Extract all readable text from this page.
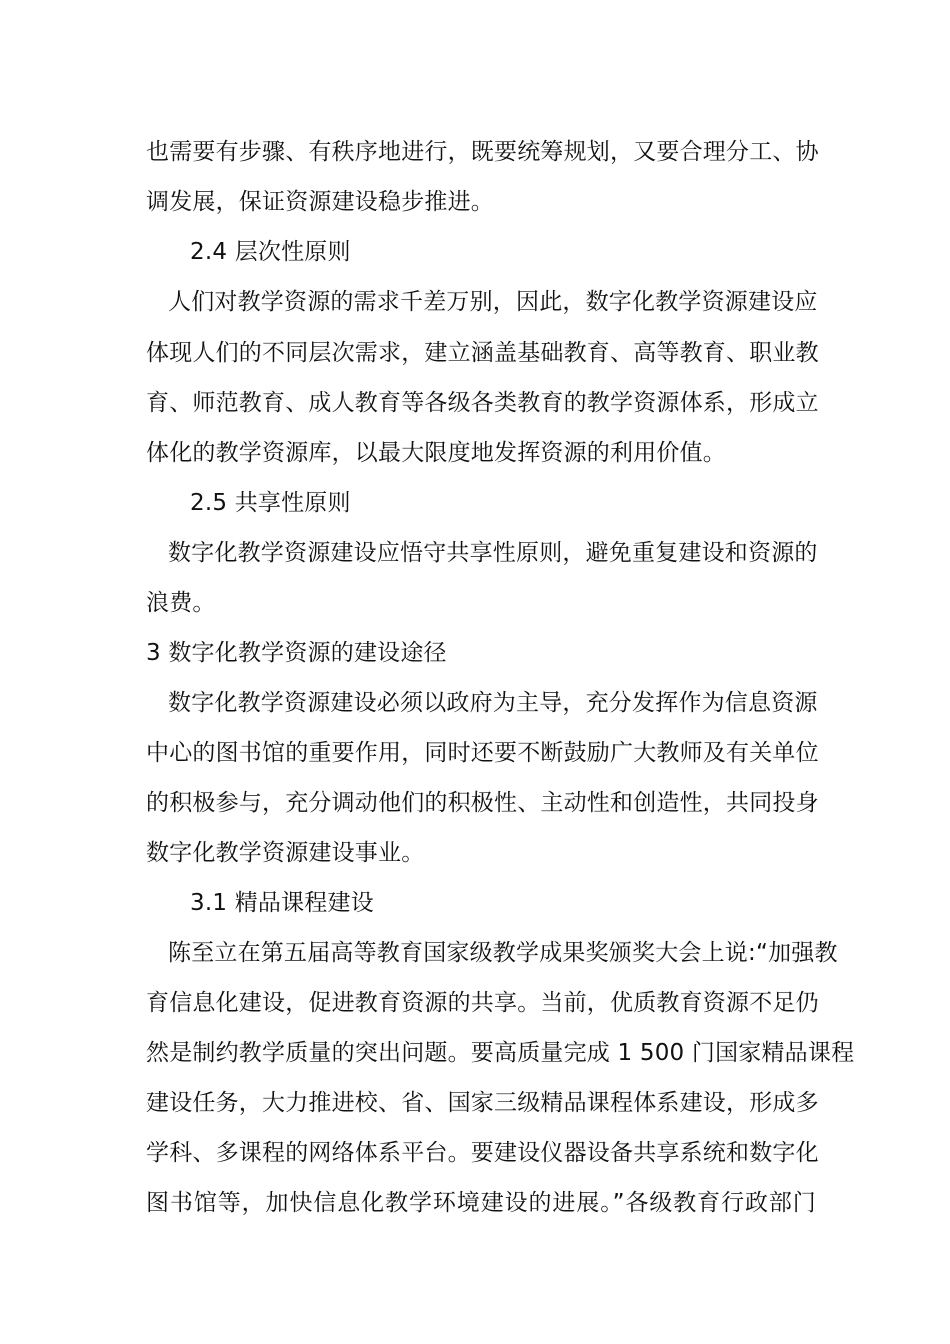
也需要有步骤、有秩序地进行，既要统筹规划，又要合理分工、协
调发展，保证资源建设稳步推进。
2.4 层次性原则
人们对教学资源的需求千差万别，因此，数字化教学资源建设应
体现人们的不同层次需求，建立涵盖基础教育、高等教育、职业教
育、师范教育、成人教育等各级各类教育的教学资源体系，形成立
体化的教学资源库，以最大限度地发挥资源的利用价值。
2.5 共享性原则
数字化教学资源建设应悟守共享性原则，避免重复建设和资源的
浪费。
3 数字化教学资源的建设途径
数字化教学资源建设必须以政府为主导，充分发挥作为信息资源
中心的图书馆的重要作用，同时还要不断鼓励广大教师及有关单位
的积极参与，充分调动他们的积极性、主动性和创造性，共同投身
数字化教学资源建设事业。
3.1 精品课程建设
陈至立在第五届高等教育国家级教学成果奖颁奖大会上说:“加强教
育信息化建设，促进教育资源的共享。当前，优质教育资源不足仍
然是制约教学质量的突出问题。要高质量完成 1 500 门国家精品课程
建设任务，大力推进校、省、国家三级精品课程体系建设，形成多
学科、多课程的网络体系平台。要建设仪器设备共享系统和数字化
图书馆等，加快信息化教学环境建设的进展。”各级教育行政部门
